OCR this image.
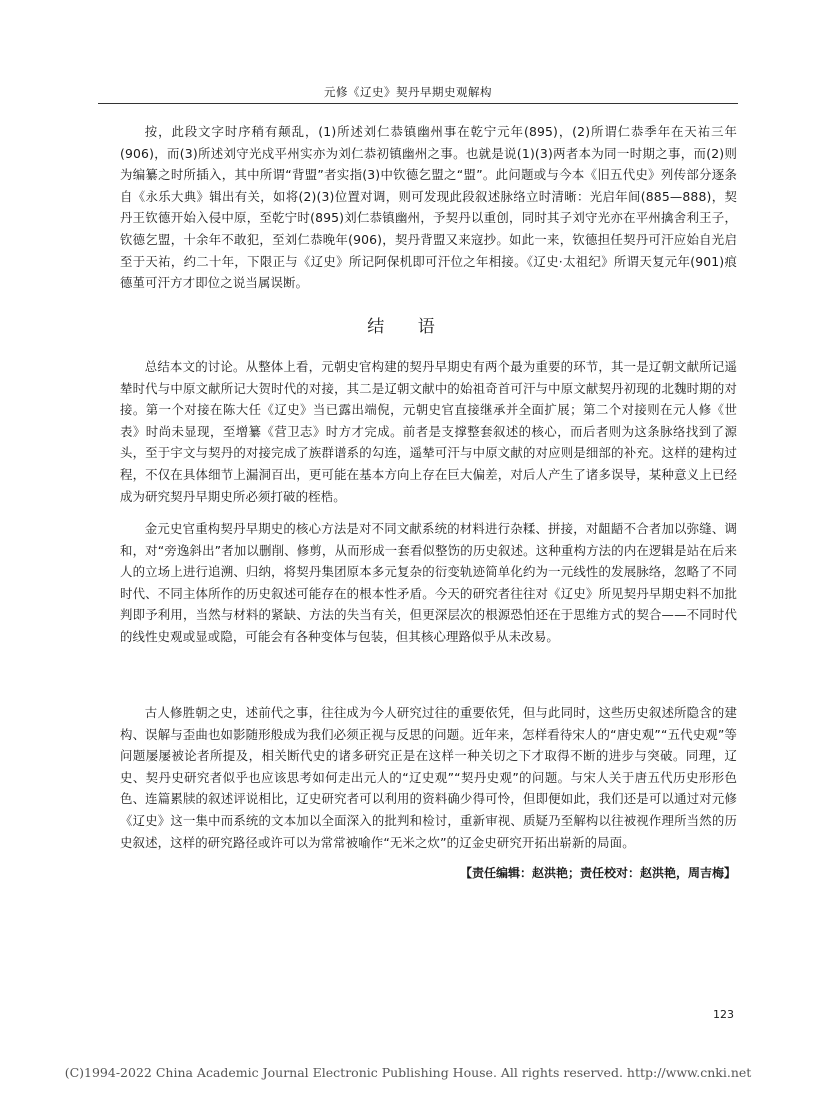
元修《辽史》契丹早期史观解构

按，此段文字时序稍有颠乱，(1)所述刘仁恭镇幽州事在乾宁元年(895)，(2)所谓仁恭季年在天祐三年(906)，而(3)所述刘守光戍平州实亦为刘仁恭初镇幽州之事。也就是说(1)(3)两者本为同一时期之事，而(2)则为编纂之时所插入，其中所谓“背盟”者实指(3)中钦德乞盟之“盟”。此问题或与今本《旧五代史》列传部分逐条自《永乐大典》辑出有关，如将(2)(3)位置对调，则可发现此段叙述脉络立时清晰：光启年间(885—888)，契丹王钦德开始入侵中原，至乾宁时(895)刘仁恭镇幽州，予契丹以重创，同时其子刘守光亦在平州擒舍利王子，钦德乞盟，十余年不敢犯，至刘仁恭晚年(906)，契丹背盟又来寇抄。如此一来，钦德担任契丹可汗应始自光启至于天祐，约二十年，下限正与《辽史》所记阿保机即可汗位之年相接。《辽史·太祖纪》所谓天复元年(901)痕德堇可汗方才即位之说当属误断。

结 语

总结本文的讨论。从整体上看，元朝史官构建的契丹早期史有两个最为重要的环节，其一是辽朝文献所记遥辇时代与中原文献所记大贺时代的对接，其二是辽朝文献中的始祖奇首可汗与中原文献契丹初现的北魏时期的对接。第一个对接在陈大任《辽史》当已露出端倪，元朝史官直接继承并全面扩展；第二个对接则在元人修《世表》时尚未显现，至增纂《营卫志》时方才完成。前者是支撑整套叙述的核心，而后者则为这条脉络找到了源头，至于宇文与契丹的对接完成了族群谱系的勾连，遥辇可汗与中原文献的对应则是细部的补充。这样的建构过程，不仅在具体细节上漏洞百出，更可能在基本方向上存在巨大偏差，对后人产生了诸多误导，某种意义上已经成为研究契丹早期史所必须打破的桎梏。

金元史官重构契丹早期史的核心方法是对不同文献系统的材料进行杂糅、拼接，对龃龉不合者加以弥缝、调和，对“旁逸斜出”者加以删削、修剪，从而形成一套看似整饬的历史叙述。这种重构方法的内在逻辑是站在后来人的立场上进行追溯、归纳，将契丹集团原本多元复杂的衍变轨迹简单化约为一元线性的发展脉络，忽略了不同时代、不同主体所作的历史叙述可能存在的根本性矛盾。今天的研究者往往对《辽史》所见契丹早期史料不加批判即予利用，当然与材料的紧缺、方法的失当有关，但更深层次的根源恐怕还在于思维方式的契合——不同时代的线性史观或显或隐，可能会有各种变体与包装，但其核心理路似乎从未改易。

古人修胜朝之史，述前代之事，往往成为今人研究过往的重要依凭，但与此同时，这些历史叙述所隐含的建构、误解与歪曲也如影随形般成为我们必须正视与反思的问题。近年来，怎样看待宋人的“唐史观”“五代史观”等问题屡屡被论者所提及，相关断代史的诸多研究正是在这样一种关切之下才取得不断的进步与突破。同理，辽史、契丹史研究者似乎也应该思考如何走出元人的“辽史观”“契丹史观”的问题。与宋人关于唐五代历史形形色色、连篇累牍的叙述评说相比，辽史研究者可以利用的资料确少得可怜，但即便如此，我们还是可以通过对元修《辽史》这一集中而系统的文本加以全面深入的批判和检讨，重新审视、质疑乃至解构以往被视作理所当然的历史叙述，这样的研究路径或许可以为常常被喻作“无米之炊”的辽金史研究开拓出崭新的局面。

【责任编辑：赵洪艳；责任校对：赵洪艳，周吉梅】
123
(C)1994-2022 China Academic Journal Electronic Publishing House. All rights reserved. http://www.cnki.net
